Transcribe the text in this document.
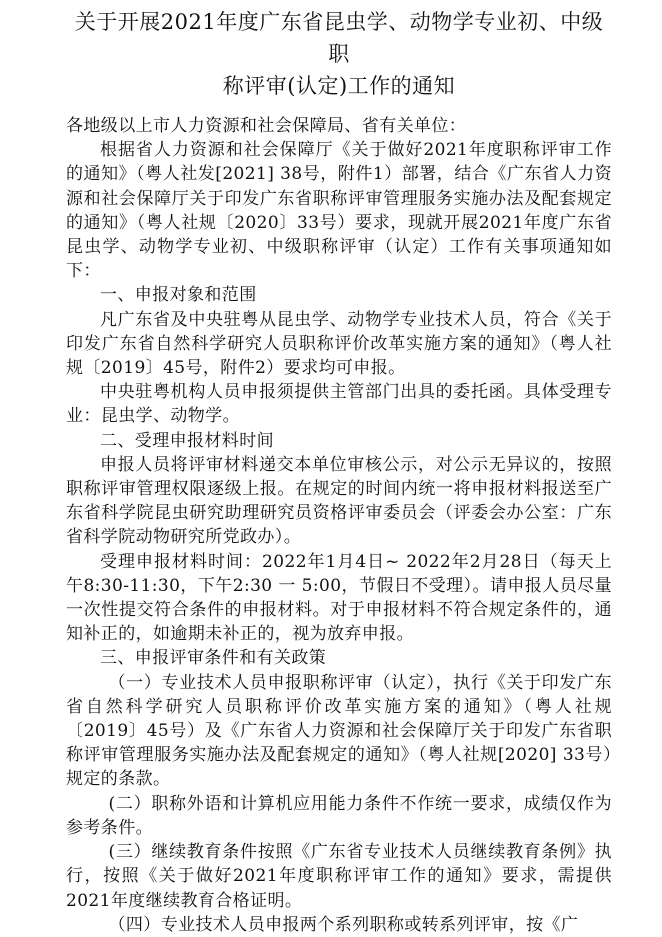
关于开展2021年度广东省昆虫学、动物学专业初、中级职
称评审(认定)工作的通知

各地级以上市人力资源和社会保障局、省有关单位：

根据省人力资源和社会保障厅《关于做好2021年度职称评审工作的通知》（粤人社发[2021] 38号，附件1）部署，结合《广东省人力资源和社会保障厅关于印发广东省职称评审管理服务实施办法及配套规定的通知》（粤人社规〔2020〕33号）要求，现就开展2021年度广东省昆虫学、动物学专业初、中级职称评审（认定）工作有关事项通知如下：

一、申报对象和范围

凡广东省及中央驻粤从昆虫学、动物学专业技术人员，符合《关于印发广东省自然科学研究人员职称评价改革实施方案的通知》（粤人社规〔2019〕45号，附件2）要求均可申报。

中央驻粤机构人员申报须提供主管部门出具的委托函。具体受理专业：昆虫学、动物学。

二、受理申报材料时间

申报人员将评审材料递交本单位审核公示，对公示无异议的，按照职称评审管理权限逐级上报。在规定的时间内统一将申报材料报送至广东省科学院昆虫研究助理研究员资格评审委员会（评委会办公室：广东省科学院动物研究所党政办）。

受理申报材料时间：2022年1月4日~ 2022年2月28日（每天上午8:30-11:30，下午2:30 一 5:00，节假日不受理）。请申报人员尽量一次性提交符合条件的申报材料。对于申报材料不符合规定条件的，通知补正的，如逾期未补正的，视为放弃申报。

三、申报评审条件和有关政策

（一）专业技术人员申报职称评审（认定），执行《关于印发广东省自然科学研究人员职称评价改革实施方案的通知》（粤人社规〔2019〕45号）及《广东省人力资源和社会保障厅关于印发广东省职称评审管理服务实施办法及配套规定的通知》（粤人社规[2020] 33号）规定的条款。

(二）职称外语和计算机应用能力条件不作统一要求，成绩仅作为参考条件。

(三）继续教育条件按照《广东省专业技术人员继续教育条例》执行，按照《关于做好2021年度职称评审工作的通知》要求，需提供2021年度继续教育合格证明。

（四）专业技术人员申报两个系列职称或转系列评审，按《广
